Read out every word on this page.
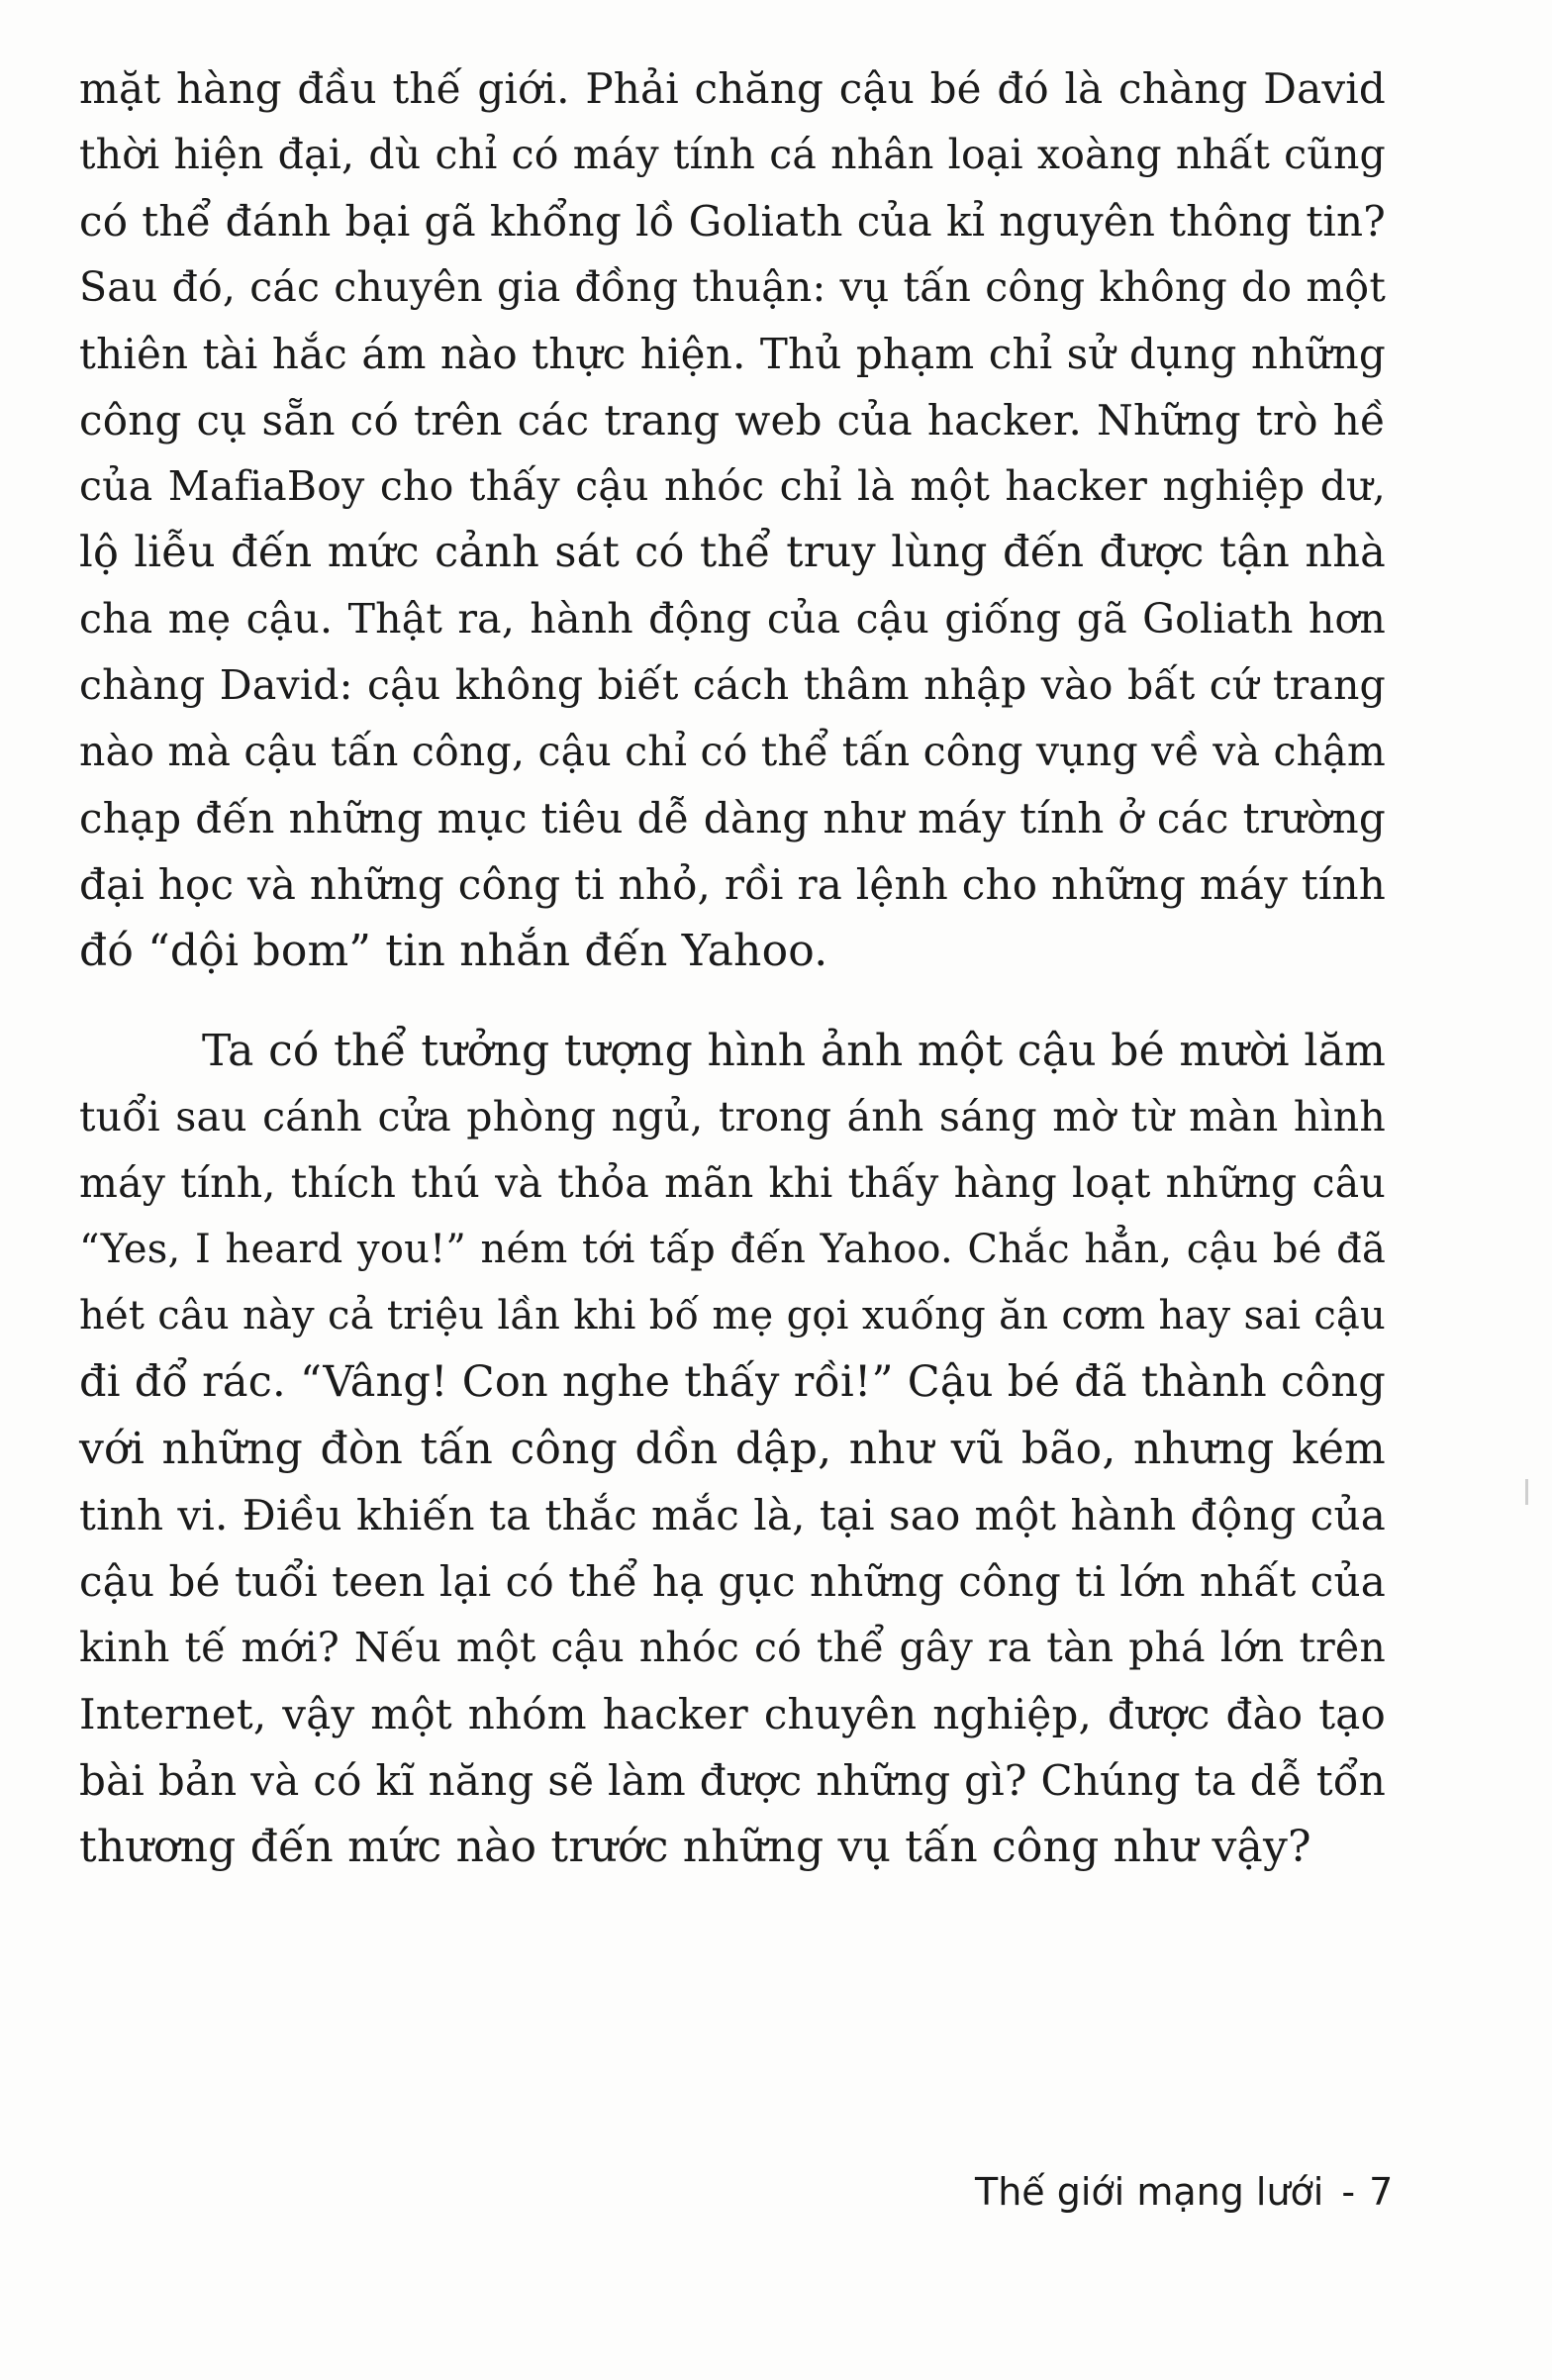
mặt hàng đầu thế giới. Phải chăng cậu bé đó là chàng David
thời hiện đại, dù chỉ có máy tính cá nhân loại xoàng nhất cũng
có thể đánh bại gã khổng lồ Goliath của kỉ nguyên thông tin?
Sau đó, các chuyên gia đồng thuận: vụ tấn công không do một
thiên tài hắc ám nào thực hiện. Thủ phạm chỉ sử dụng những
công cụ sẵn có trên các trang web của hacker. Những trò hề
của MafiaBoy cho thấy cậu nhóc chỉ là một hacker nghiệp dư,
lộ liễu đến mức cảnh sát có thể truy lùng đến được tận nhà
cha mẹ cậu. Thật ra, hành động của cậu giống gã Goliath hơn
chàng David: cậu không biết cách thâm nhập vào bất cứ trang
nào mà cậu tấn công, cậu chỉ có thể tấn công vụng về và chậm
chạp đến những mục tiêu dễ dàng như máy tính ở các trường
đại học và những công ti nhỏ, rồi ra lệnh cho những máy tính
đó “dội bom” tin nhắn đến Yahoo.

Ta có thể tưởng tượng hình ảnh một cậu bé mười lăm
tuổi sau cánh cửa phòng ngủ, trong ánh sáng mờ từ màn hình
máy tính, thích thú và thỏa mãn khi thấy hàng loạt những câu
“Yes, I heard you!” ném tới tấp đến Yahoo. Chắc hẳn, cậu bé đã
hét câu này cả triệu lần khi bố mẹ gọi xuống ăn cơm hay sai cậu
đi đổ rác. “Vâng! Con nghe thấy rồi!” Cậu bé đã thành công
với những đòn tấn công dồn dập, như vũ bão, nhưng kém
tinh vi. Điều khiến ta thắc mắc là, tại sao một hành động của
cậu bé tuổi teen lại có thể hạ gục những công ti lớn nhất của
kinh tế mới? Nếu một cậu nhóc có thể gây ra tàn phá lớn trên
Internet, vậy một nhóm hacker chuyên nghiệp, được đào tạo
bài bản và có kĩ năng sẽ làm được những gì? Chúng ta dễ tổn
thương đến mức nào trước những vụ tấn công như vậy?

Thế giới mạng lưới - 7
